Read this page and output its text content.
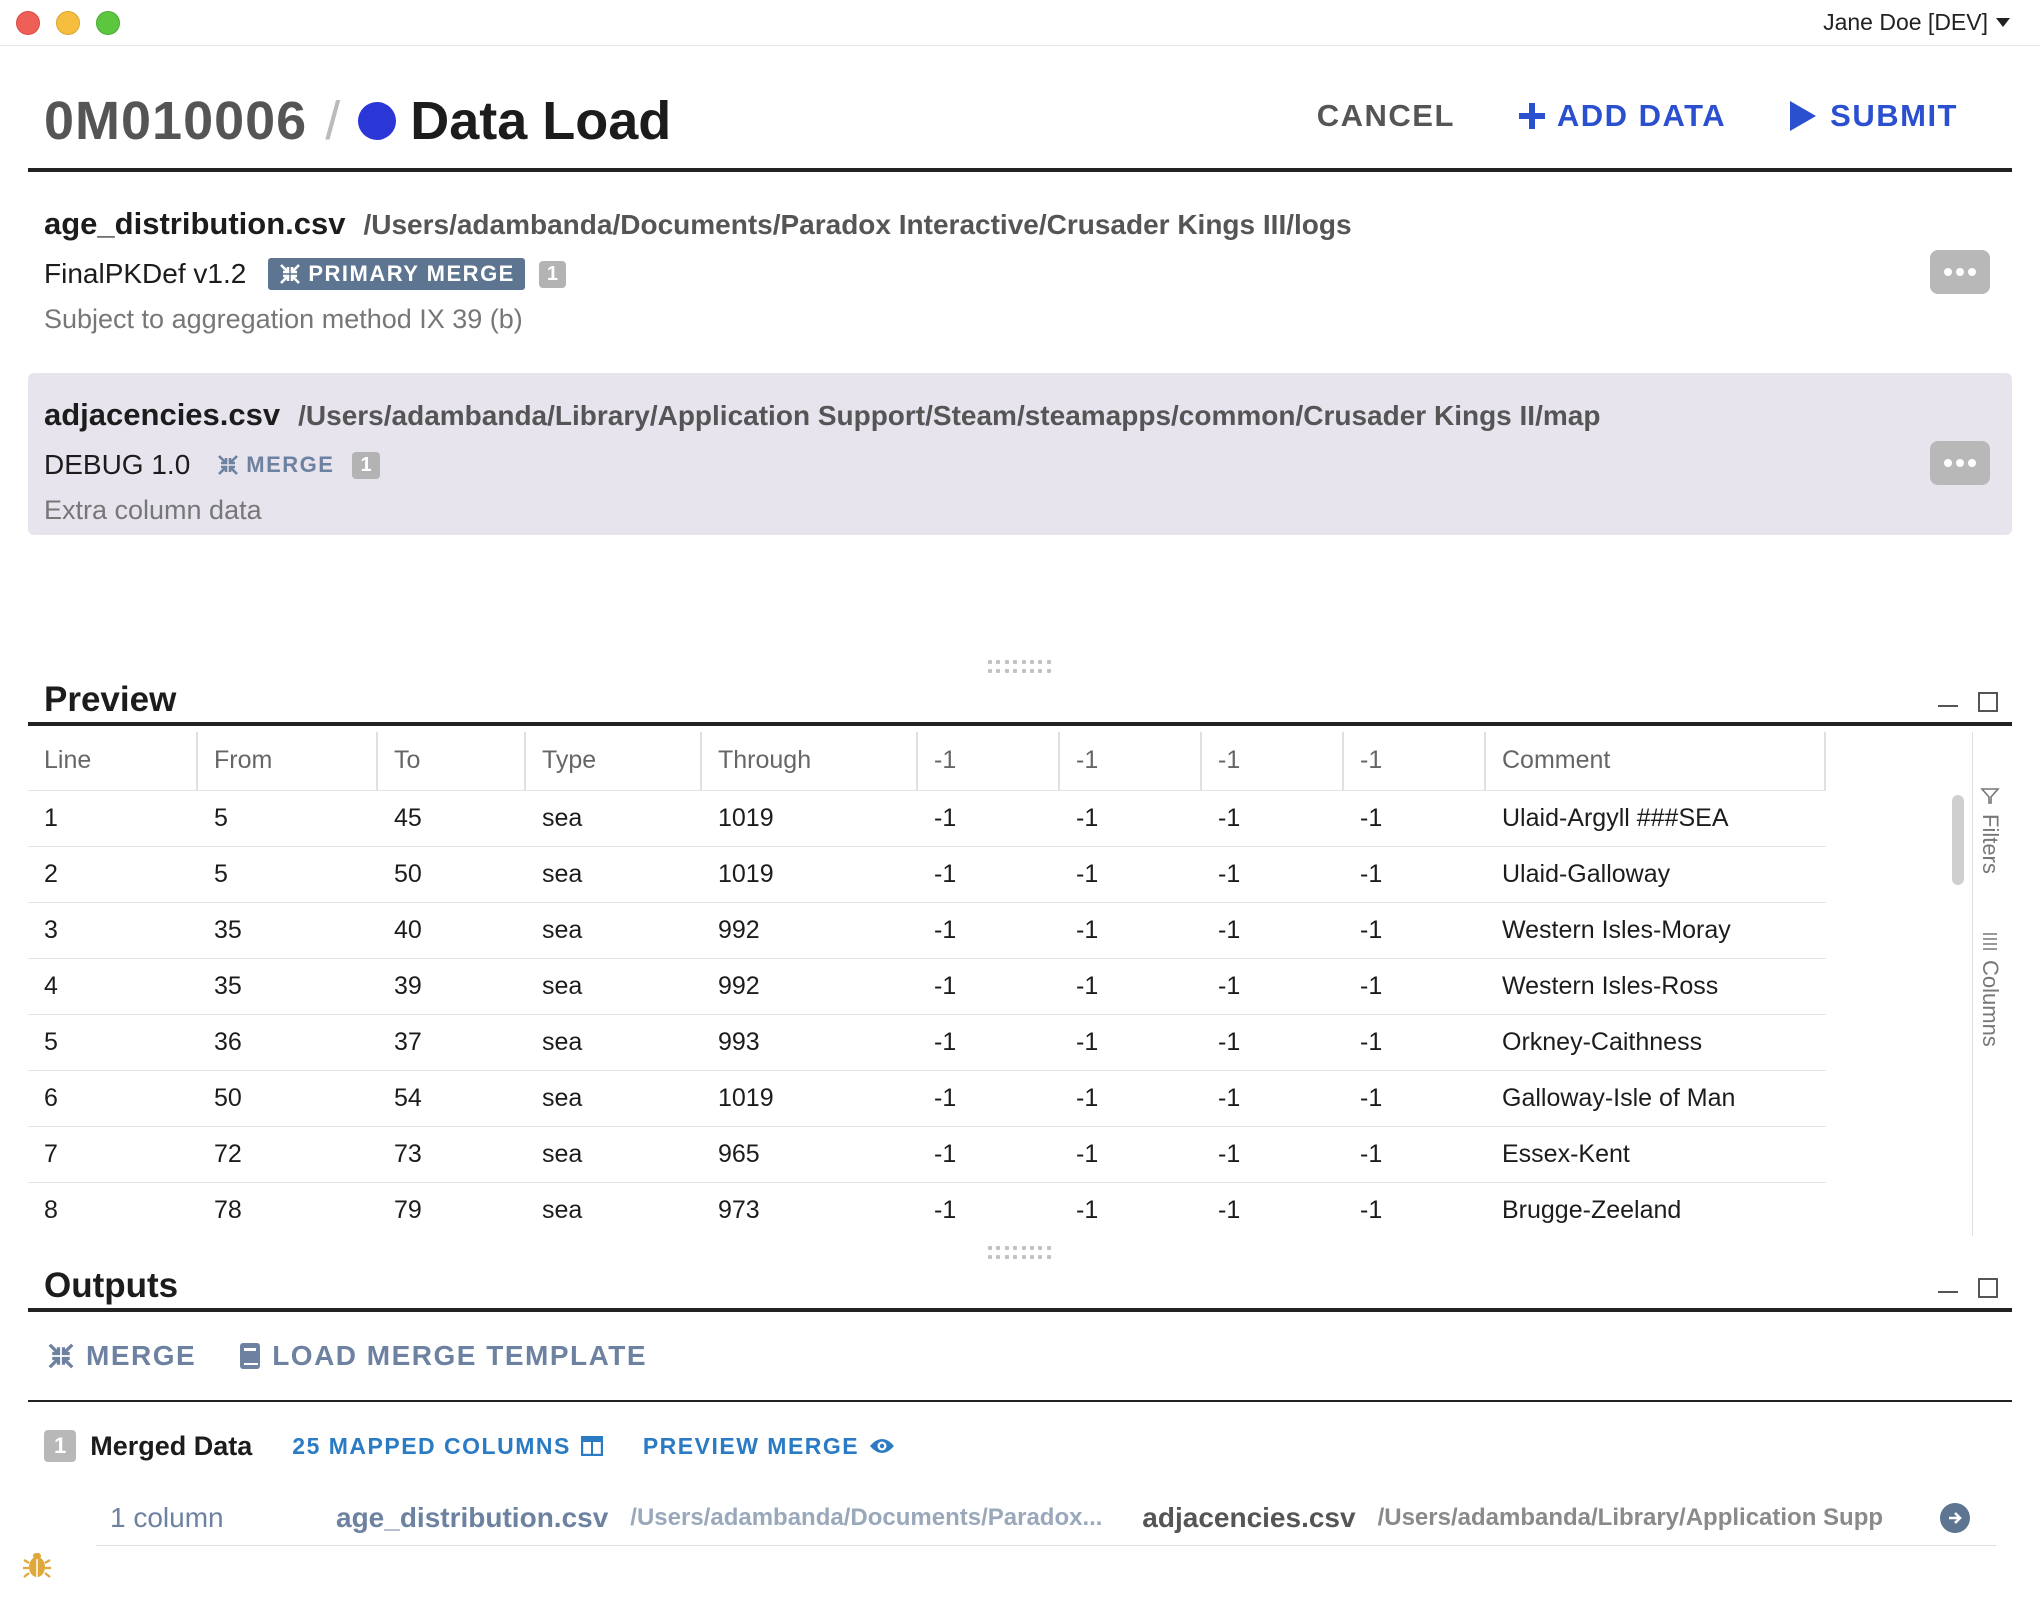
Jane Doe [DEV]
0M010006 / Data Load	CANCEL	ADD DATA	SUBMIT
age_distribution.csv /Users/adambanda/Documents/Paradox Interactive/Crusader Kings III/logs
FinalPKDef v1.2	PRIMARY MERGE	1
Subject to aggregation method IX 39 (b)
adjacencies.csv /Users/adambanda/Library/Application Support/Steam/steamapps/common/Crusader Kings II/map
DEBUG 1.0	MERGE	1
Extra column data
Preview
Line	From	To	Type	Through	-1	-1	-1	-1	Comment

1	5	45	sea	1019	-1	-1	-1	-1	Ulaid-Argyll ###SEA
2	5	50	sea	1019	-1	-1	-1	-1	Ulaid-Galloway
3	35	40	sea	992	-1	-1	-1	-1	Western Isles-Moray
4	35	39	sea	992	-1	-1	-1	-1	Western Isles-Ross
5	36	37	sea	993	-1	-1	-1	-1	Orkney-Caithness
6	50	54	sea	1019	-1	-1	-1	-1	Galloway-Isle of Man
7	72	73	sea	965	-1	-1	-1	-1	Essex-Kent
8	78	79	sea	973	-1	-1	-1	-1	Brugge-Zeeland
Filters
Columns
Outputs
MERGE	LOAD MERGE TEMPLATE
1 Merged Data 25 MAPPED COLUMNS	PREVIEW MERGE
1 column	age_distribution.csv /Users/adambanda/Documents/Paradox...	adjacencies.csv /Users/adambanda/Library/Application Supp
